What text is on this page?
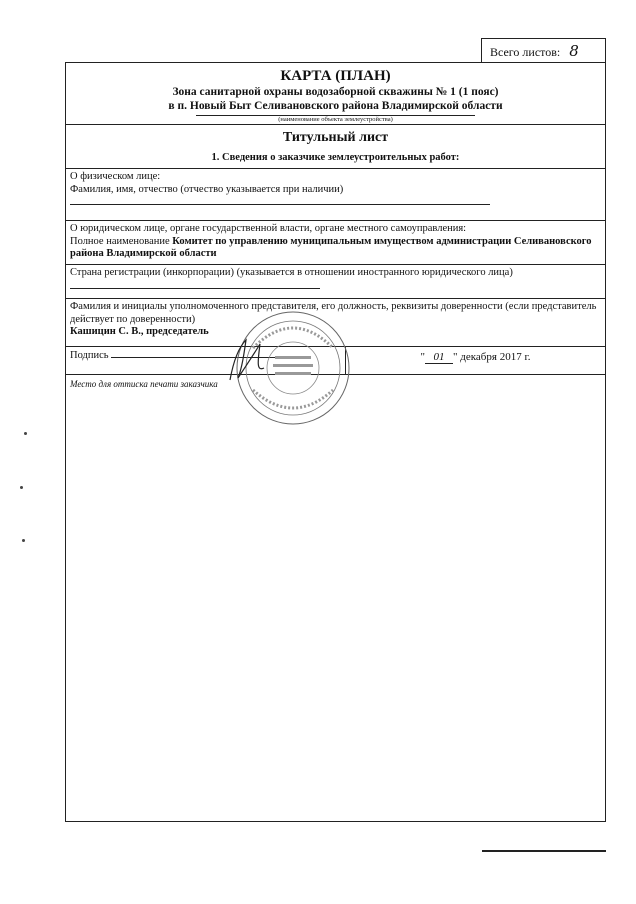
Всего листов: 8
КАРТА (ПЛАН)
Зона санитарной охраны водозаборной скважины № 1 (1 пояс)
в п. Новый Быт Селивановского района Владимирской области
(наименование объекта землеустройства)
Титульный лист
1. Сведения о заказчике землеустроительных работ:
О физическом лице:
Фамилия, имя, отчество (отчество указывается при наличии)
О юридическом лице, органе государственной власти, органе местного самоуправления:
Полное наименование Комитет по управлению муниципальным имуществом администрации Селивановского района Владимирской области
Страна регистрации (инкорпорации) (указывается в отношении иностранного юридического лица)
Фамилия и инициалы уполномоченного представителя, его должность, реквизиты доверенности (если представитель действует по доверенности)
Кашицин С. В., председатель
Подпись	" 01 " декабря 2017 г.
Место для оттиска печати заказчика
